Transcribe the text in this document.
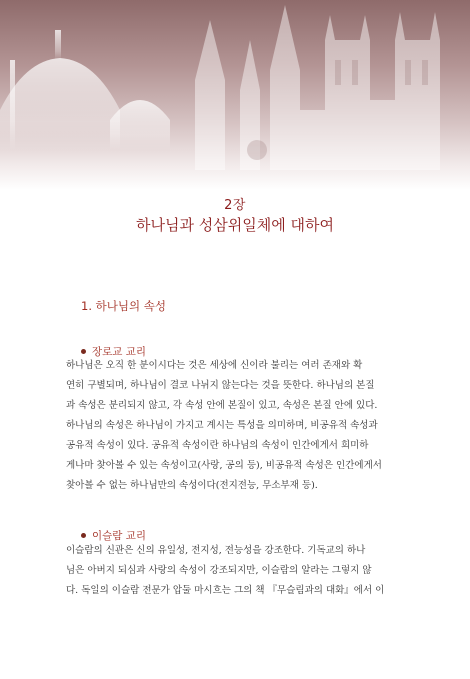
2장
하나님과 성삼위일체에 대하여
1. 하나님의 속성
장로교 교리
하나님은 오직 한 분이시다는 것은 세상에 신이라 불리는 여러 존재와 확
연히 구별되며, 하나님이 결코 나뉘지 않는다는 것을 뜻한다. 하나님의 본질
과 속성은 분리되지 않고, 각 속성 안에 본질이 있고, 속성은 본질 안에 있다.
하나님의 속성은 하나님이 가지고 계시는 특성을 의미하며, 비공유적 속성과
공유적 속성이 있다. 공유적 속성이란 하나님의 속성이 인간에게서 희미하
게나마 찾아볼 수 있는 속성이고(사랑, 공의 등), 비공유적 속성은 인간에게서
찾아볼 수 없는 하나님만의 속성이다(전지전능, 무소부재 등).
이슬람 교리
이슬람의 신관은 신의 유일성, 전지성, 전능성을 강조한다. 기독교의 하나
님은 아버지 되심과 사랑의 속성이 강조되지만, 이슬람의 알라는 그렇지 않
다. 독일의 이슬람 전문가 압둘 마시흐는 그의 책 『무슬림과의 대화』에서 이
